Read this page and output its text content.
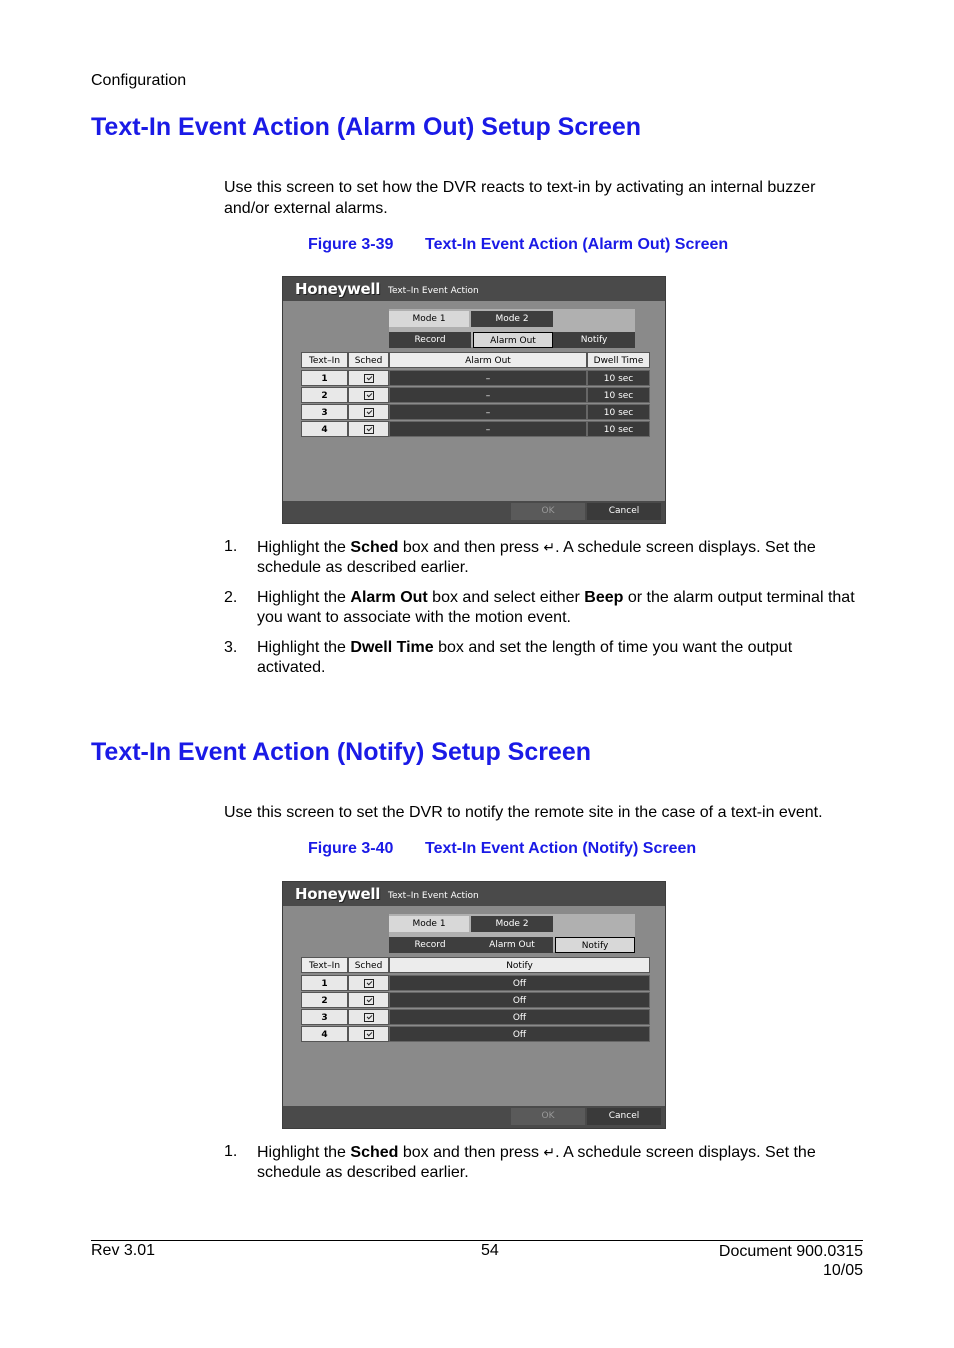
Configuration
Text-In Event Action (Alarm Out) Setup Screen
Use this screen to set how the DVR reacts to text-in by activating an internal buzzer and/or external alarms.
Figure 3-39 Text-In Event Action (Alarm Out) Screen
Honeywell Text–In Event Action
Mode 1	Mode 2
Record	Alarm Out	Notify
Text–In	Sched	Alarm Out	Dwell Time
1	–	10 sec
2	–	10 sec
3	–	10 sec
4	–	10 sec
OK	Cancel
1. Highlight the Sched box and then press ↵. A schedule screen displays. Set the schedule as described earlier.
2. Highlight the Alarm Out box and select either Beep or the alarm output terminal that you want to associate with the motion event.
3. Highlight the Dwell Time box and set the length of time you want the output activated.
Text-In Event Action (Notify) Setup Screen
Use this screen to set the DVR to notify the remote site in the case of a text-in event.
Figure 3-40 Text-In Event Action (Notify) Screen
Honeywell Text–In Event Action
Mode 1	Mode 2
Record	Alarm Out	Notify
Text–In	Sched	Notify
1	Off
2	Off
3	Off
4	Off
OK	Cancel
1. Highlight the Sched box and then press ↵. A schedule screen displays. Set the schedule as described earlier.
Rev 3.01	54	Document 900.0315
10/05
